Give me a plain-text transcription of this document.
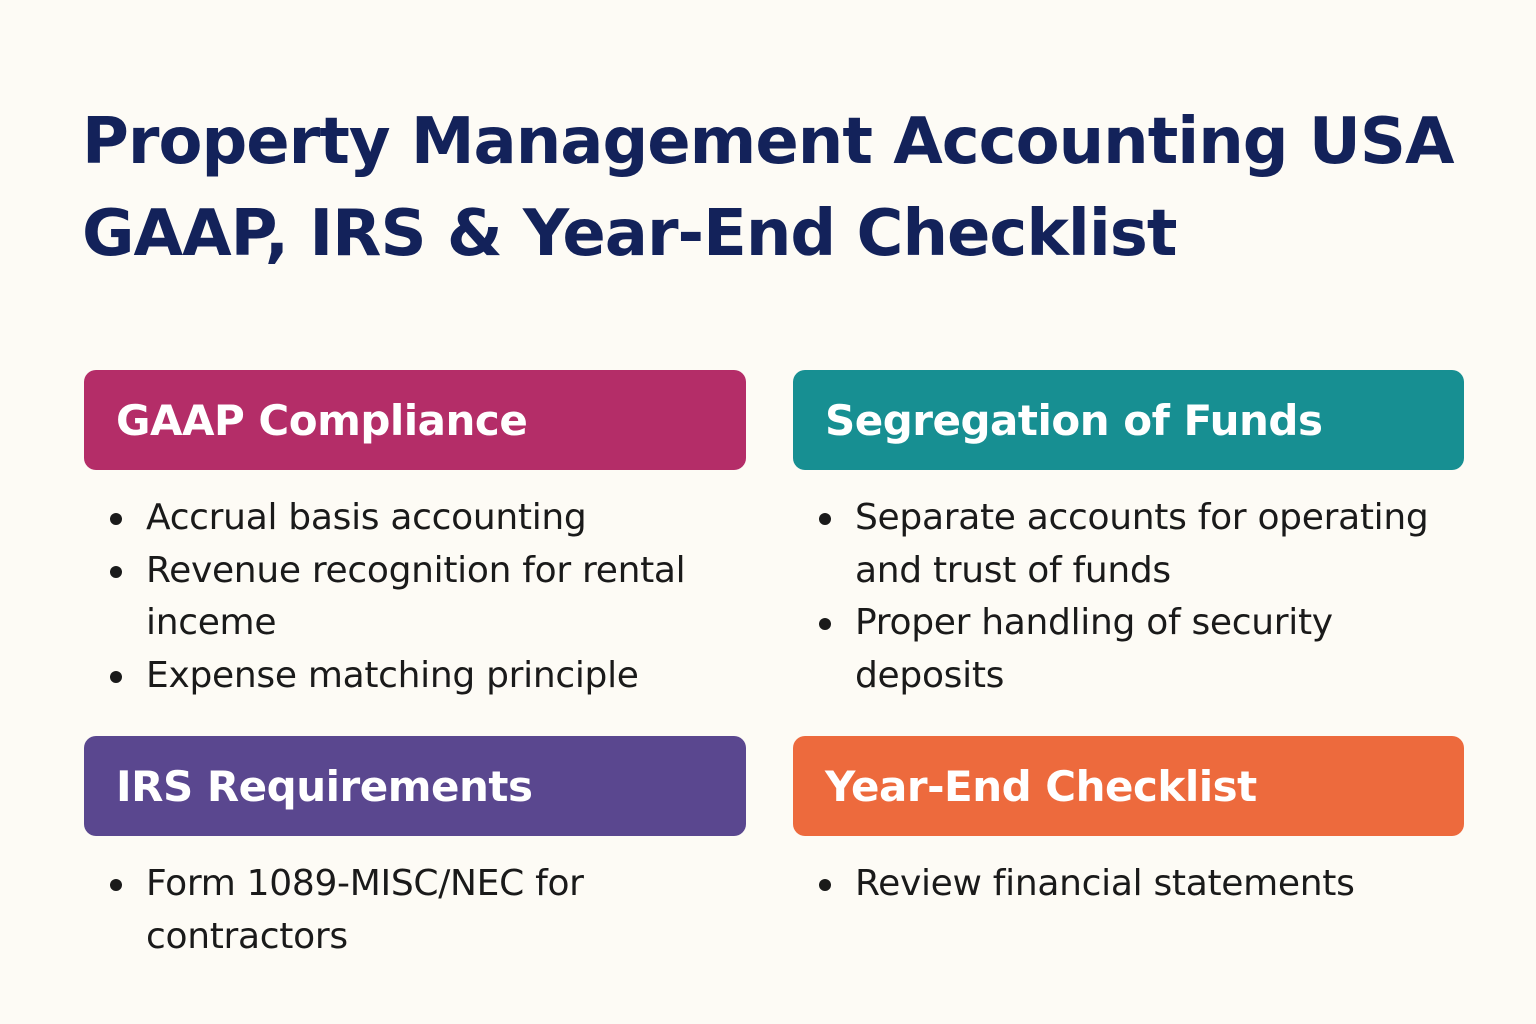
Property Management Accounting USA
GAAP, IRS & Year-End Checklist
GAAP Compliance
Accrual basis accounting
Revenue recognition for rental inceme
Expense matching principle
Segregation of Funds
Separate accounts for operating and trust of funds
Proper handling of security deposits
IRS Requirements
Form 1089-MISC/NEC for contractors
Year-End Checklist
Review financial statements
